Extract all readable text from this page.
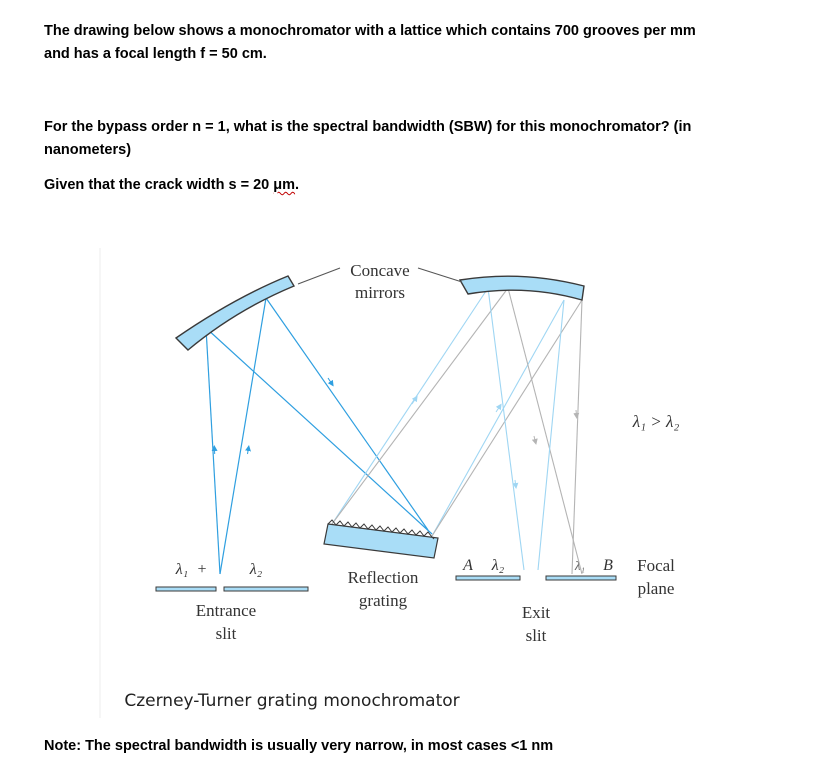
The drawing below shows a monochromator with a lattice which contains 700 grooves per mm
and has a focal length f = 50 cm.

For the bypass order n = 1, what is the spectral bandwidth (SBW) for this monochromator? (in
nanometers)

Given that the crack width s = 20 μm.

Concave
mirrors
Reflection
grating
λ₁ +	λ₂
Entrance
slit
A λ₂	λ₁ B
Exit
slit
Focal
plane
λ₁ > λ₂
Czerney-Turner grating monochromator

Note: The spectral bandwidth is usually very narrow, in most cases <1 nm
